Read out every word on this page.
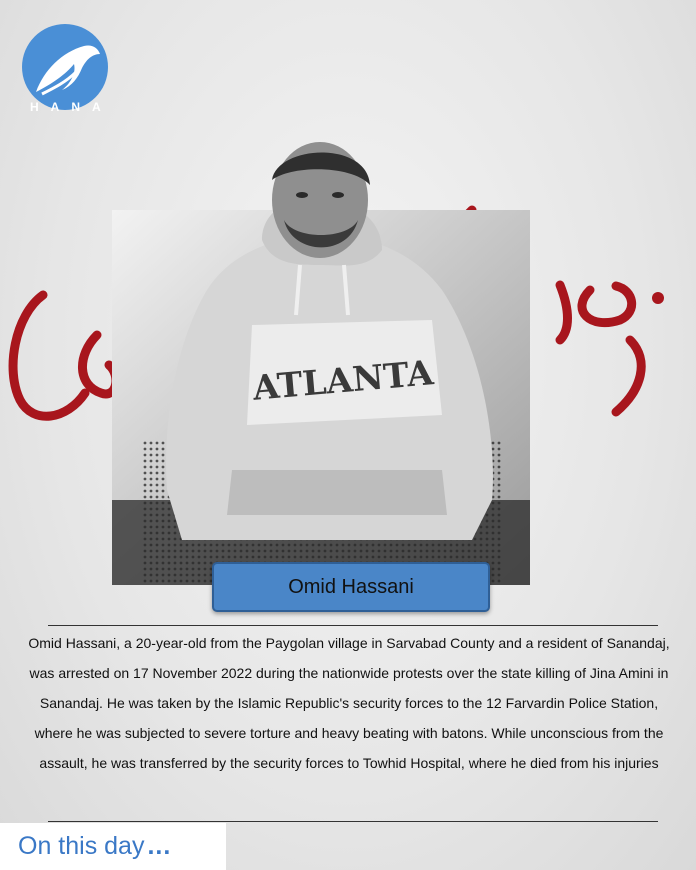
HANA
ATLANTA
Omid Hassani
Omid Hassani, a 20-year-old from the Paygolan village in Sarvabad County and a resident of Sanandaj, was arrested on 17 November 2022 during the nationwide protests over the state killing of Jina Amini in Sanandaj. He was taken by the Islamic Republic's security forces to the 12 Farvardin Police Station, where he was subjected to severe torture and heavy beating with batons. While unconscious from the assault, he was transferred by the security forces to Towhid Hospital, where he died from his injuries
On this day ...
